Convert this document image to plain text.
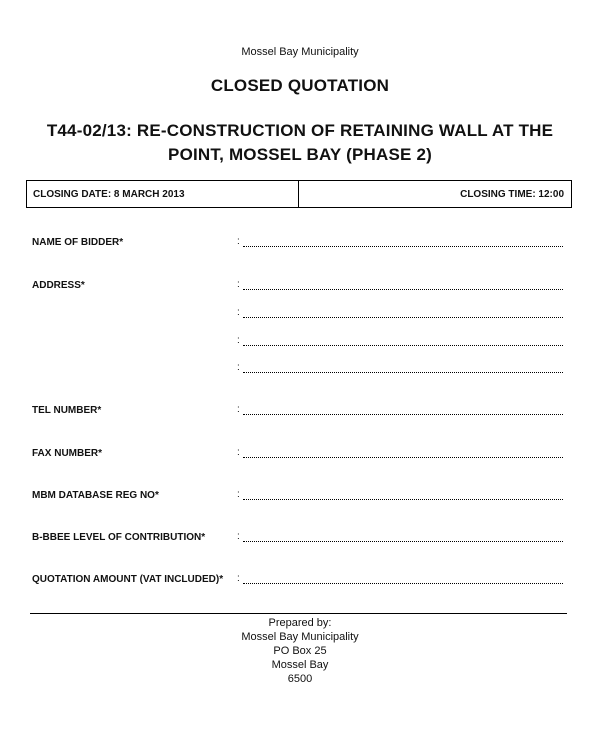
Mossel Bay Municipality
CLOSED QUOTATION
T44-02/13: RE-CONSTRUCTION OF RETAINING WALL AT THE
POINT, MOSSEL BAY (PHASE 2)
CLOSING DATE: 8 MARCH 2013	CLOSING TIME: 12:00
NAME OF BIDDER*	:
ADDRESS*	:
:
:
:
TEL NUMBER*	:
FAX NUMBER*	:
MBM DATABASE REG NO*	:
B-BBEE LEVEL OF CONTRIBUTION*	:
QUOTATION AMOUNT (VAT INCLUDED)* :
Prepared by:
Mossel Bay Municipality
PO Box 25
Mossel Bay
6500
